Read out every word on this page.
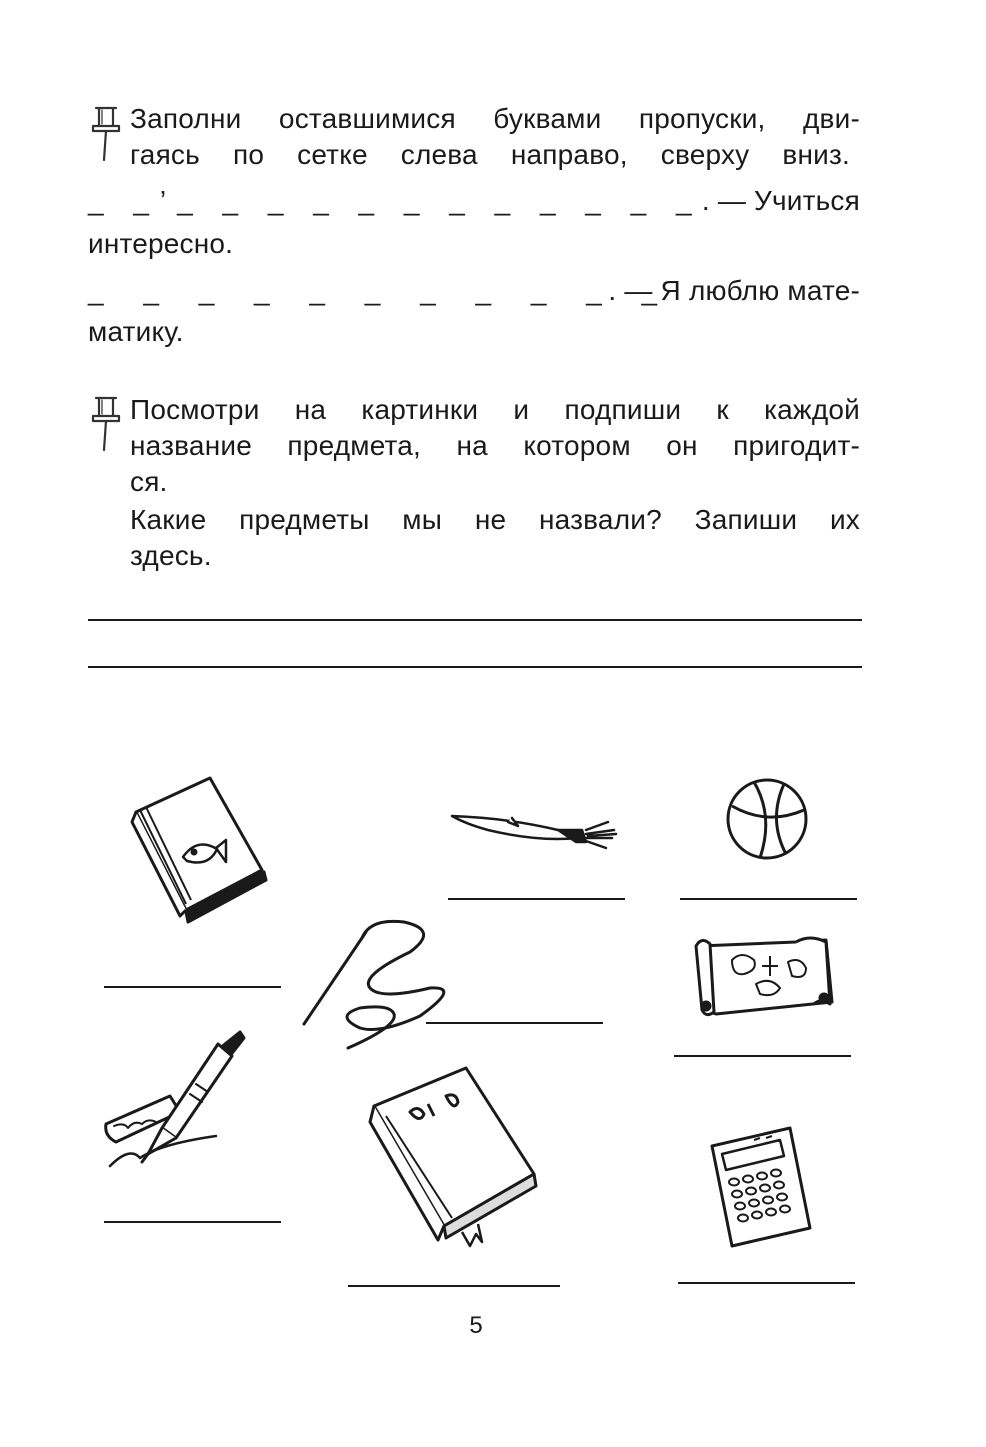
Заполни оставшимися буквами пропуски, дви-
гаясь по сетке слева направо, сверху вниз.
_ _’_ _ _ _ _ _ _ _ _ _ _ _ . — Учиться
интересно.
_ _ _ _ _ _ _ _ _ _ _
. — Я люблю мате-
матику.
Посмотри на картинки и подпиши к каждой
название предмета, на котором он пригодит-
ся.
Какие предметы мы не назвали? Запиши их
здесь.
5
